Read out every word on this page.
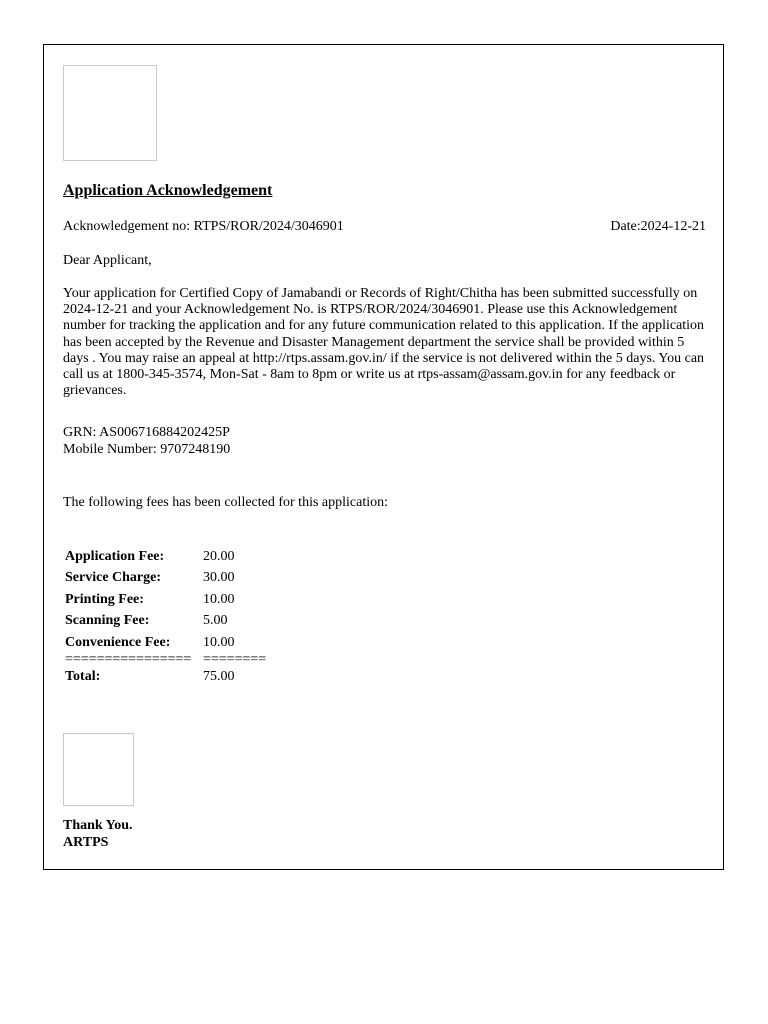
Application Acknowledgement
Acknowledgement no: RTPS/ROR/2024/3046901	Date:2024-12-21
Dear Applicant,

Your application for Certified Copy of Jamabandi or Records of Right/Chitha has been submitted successfully on 2024-12-21 and your Acknowledgement No. is RTPS/ROR/2024/3046901. Please use this Acknowledgement number for tracking the application and for any future communication related to this application. If the application has been accepted by the Revenue and Disaster Management department the service shall be provided within 5 days . You may raise an appeal at http://rtps.assam.gov.in/ if the service is not delivered within the 5 days. You can call us at 1800-345-3574, Mon-Sat - 8am to 8pm or write us at rtps-assam@assam.gov.in for any feedback or grievances.

GRN: AS006716884202425P
Mobile Number: 9707248190
The following fees has been collected for this application:
Application Fee:	20.00
Service Charge:	30.00
Printing Fee:	10.00
Scanning Fee:	5.00
Convenience Fee:	10.00
================	========
Total:	75.00
Thank You.
ARTPS
